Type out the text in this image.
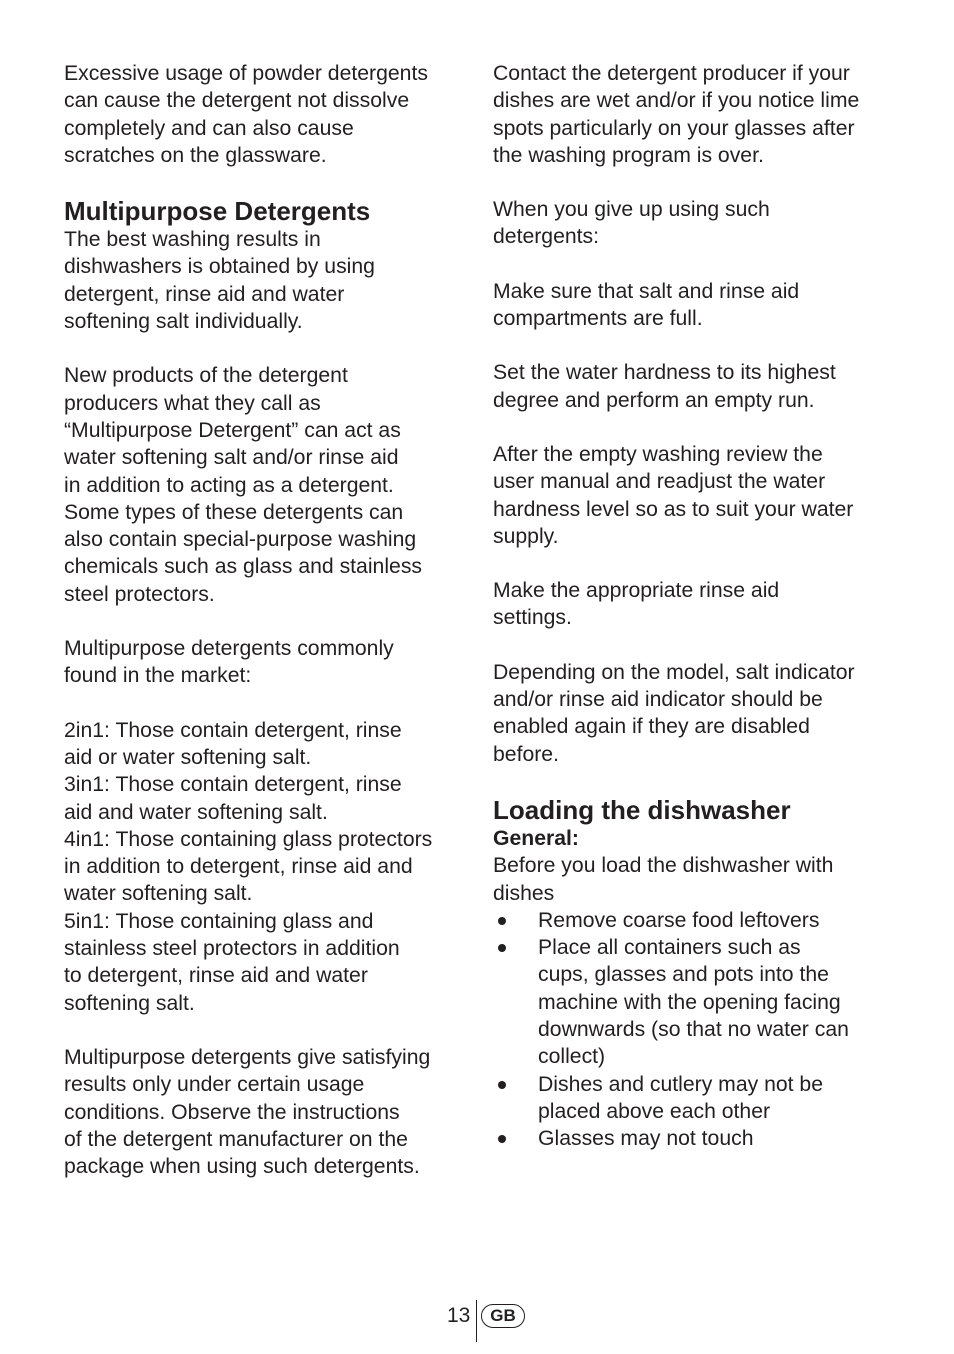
Excessive usage of powder detergents
can cause the detergent not dissolve
completely and can also cause
scratches on the glassware.

Multipurpose Detergents

The best washing results in
dishwashers is obtained by using
detergent, rinse aid and water
softening salt individually.

New products of the detergent
producers what they call as
“Multipurpose Detergent” can act as
water softening salt and/or rinse aid
in addition to acting as a detergent.
Some types of these detergents can
also contain special-purpose washing
chemicals such as glass and stainless
steel protectors.

Multipurpose detergents commonly
found in the market:

2in1: Those contain detergent, rinse
aid or water softening salt.
3in1: Those contain detergent, rinse
aid and water softening salt.
4in1: Those containing glass protectors
in addition to detergent, rinse aid and
water softening salt.
5in1: Those containing glass and
stainless steel protectors in addition
to detergent, rinse aid and water
softening salt.

Multipurpose detergents give satisfying
results only under certain usage
conditions. Observe the instructions
of the detergent manufacturer on the
package when using such detergents.

Contact the detergent producer if your
dishes are wet and/or if you notice lime
spots particularly on your glasses after
the washing program is over.

When you give up using such
detergents:

Make sure that salt and rinse aid
compartments are full.

Set the water hardness to its highest
degree and perform an empty run.

After the empty washing review the
user manual and readjust the water
hardness level so as to suit your water
supply.

Make the appropriate rinse aid
settings.

Depending on the model, salt indicator
and/or rinse aid indicator should be
enabled again if they are disabled
before.

Loading the dishwasher
General:

Before you load the dishwasher with
dishes

Remove coarse food leftovers
Place all containers such as
cups, glasses and pots into the
machine with the opening facing
downwards (so that no water can
collect)
Dishes and cutlery may not be
placed above each other
Glasses may not touch
13	GB
